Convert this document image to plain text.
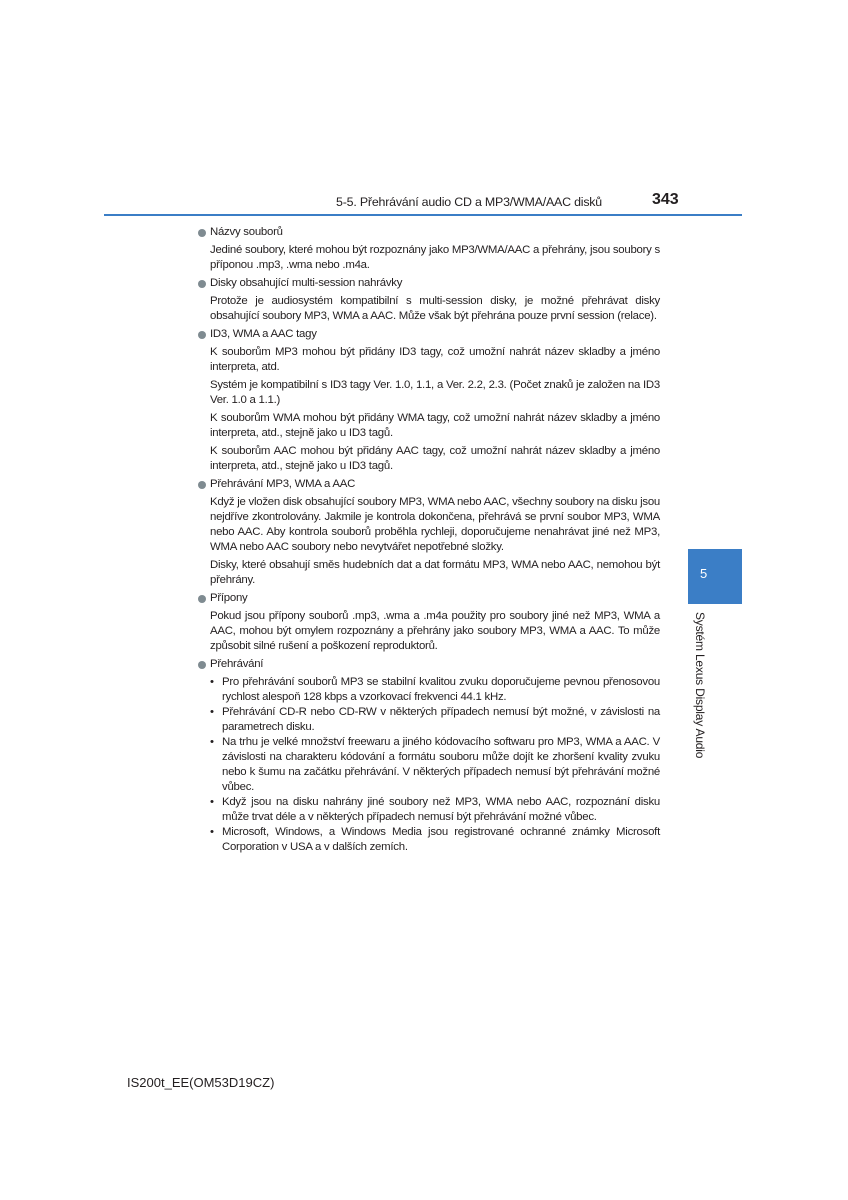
5-5. Přehrávání audio CD a MP3/WMA/AAC disků	343
Názvy souborů
Jediné soubory, které mohou být rozpoznány jako MP3/WMA/AAC a přehrány, jsou soubory s příponou .mp3, .wma nebo .m4a.
Disky obsahující multi-session nahrávky
Protože je audiosystém kompatibilní s multi-session disky, je možné přehrávat disky obsahující soubory MP3, WMA a AAC. Může však být přehrána pouze první session (relace).
ID3, WMA a AAC tagy
K souborům MP3 mohou být přidány ID3 tagy, což umožní nahrát název skladby a jméno interpreta, atd.
Systém je kompatibilní s ID3 tagy Ver. 1.0, 1.1, a Ver. 2.2, 2.3. (Počet znaků je založen na ID3 Ver. 1.0 a 1.1.)
K souborům WMA mohou být přidány WMA tagy, což umožní nahrát název skladby a jméno interpreta, atd., stejně jako u ID3 tagů.
K souborům AAC mohou být přidány AAC tagy, což umožní nahrát název skladby a jméno interpreta, atd., stejně jako u ID3 tagů.
Přehrávání MP3, WMA a AAC
Když je vložen disk obsahující soubory MP3, WMA nebo AAC, všechny soubory na disku jsou nejdříve zkontrolovány. Jakmile je kontrola dokončena, přehrává se první soubor MP3, WMA nebo AAC. Aby kontrola souborů proběhla rychleji, doporučujeme nenahrávat jiné než MP3, WMA nebo AAC soubory nebo nevytvářet nepotřebné složky.
Disky, které obsahují směs hudebních dat a dat formátu MP3, WMA nebo AAC, nemohou být přehrány.
Přípony
Pokud jsou přípony souborů .mp3, .wma a .m4a použity pro soubory jiné než MP3, WMA a AAC, mohou být omylem rozpoznány a přehrány jako soubory MP3, WMA a AAC. To může způsobit silné rušení a poškození reproduktorů.
Přehrávání
• Pro přehrávání souborů MP3 se stabilní kvalitou zvuku doporučujeme pevnou přenosovou rychlost alespoň 128 kbps a vzorkovací frekvenci 44.1 kHz.
• Přehrávání CD-R nebo CD-RW v některých případech nemusí být možné, v závislosti na parametrech disku.
• Na trhu je velké množství freewaru a jiného kódovacího softwaru pro MP3, WMA a AAC. V závislosti na charakteru kódování a formátu souboru může dojít ke zhoršení kvality zvuku nebo k šumu na začátku přehrávání. V některých případech nemusí být přehrávání možné vůbec.
• Když jsou na disku nahrány jiné soubory než MP3, WMA nebo AAC, rozpoznání disku může trvat déle a v některých případech nemusí být přehrávání možné vůbec.
• Microsoft, Windows, a Windows Media jsou registrované ochranné známky Microsoft Corporation v USA a v dalších zemích.
5
Systém Lexus Display Audio
IS200t_EE(OM53D19CZ)
